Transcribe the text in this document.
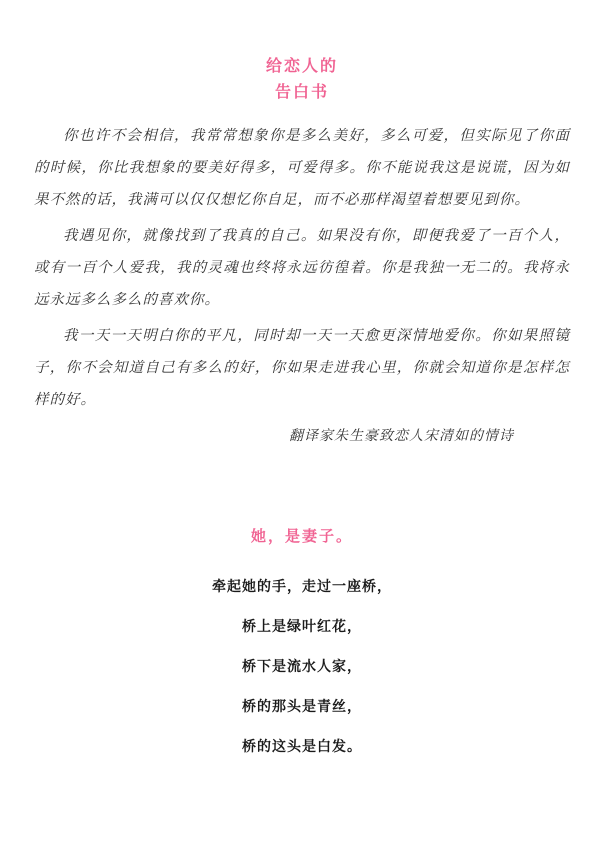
给恋人的
告白书

你也许不会相信，我常常想象你是多么美好，多么可爱，但实际见了你面的时候，你比我想象的要美好得多，可爱得多。你不能说我这是说谎，因为如果不然的话，我满可以仅仅想忆你自足，而不必那样渴望着想要见到你。

我遇见你，就像找到了我真的自己。如果没有你，即便我爱了一百个人，或有一百个人爱我，我的灵魂也终将永远彷徨着。你是我独一无二的。我将永远永远多么多么的喜欢你。

我一天一天明白你的平凡，同时却一天一天愈更深情地爱你。你如果照镜子，你不会知道自己有多么的好，你如果走进我心里，你就会知道你是怎样怎样的好。

翻译家朱生豪致恋人宋清如的情诗
她，是妻子。
牵起她的手，走过一座桥，
桥上是绿叶红花，
桥下是流水人家，
桥的那头是青丝，
桥的这头是白发。
